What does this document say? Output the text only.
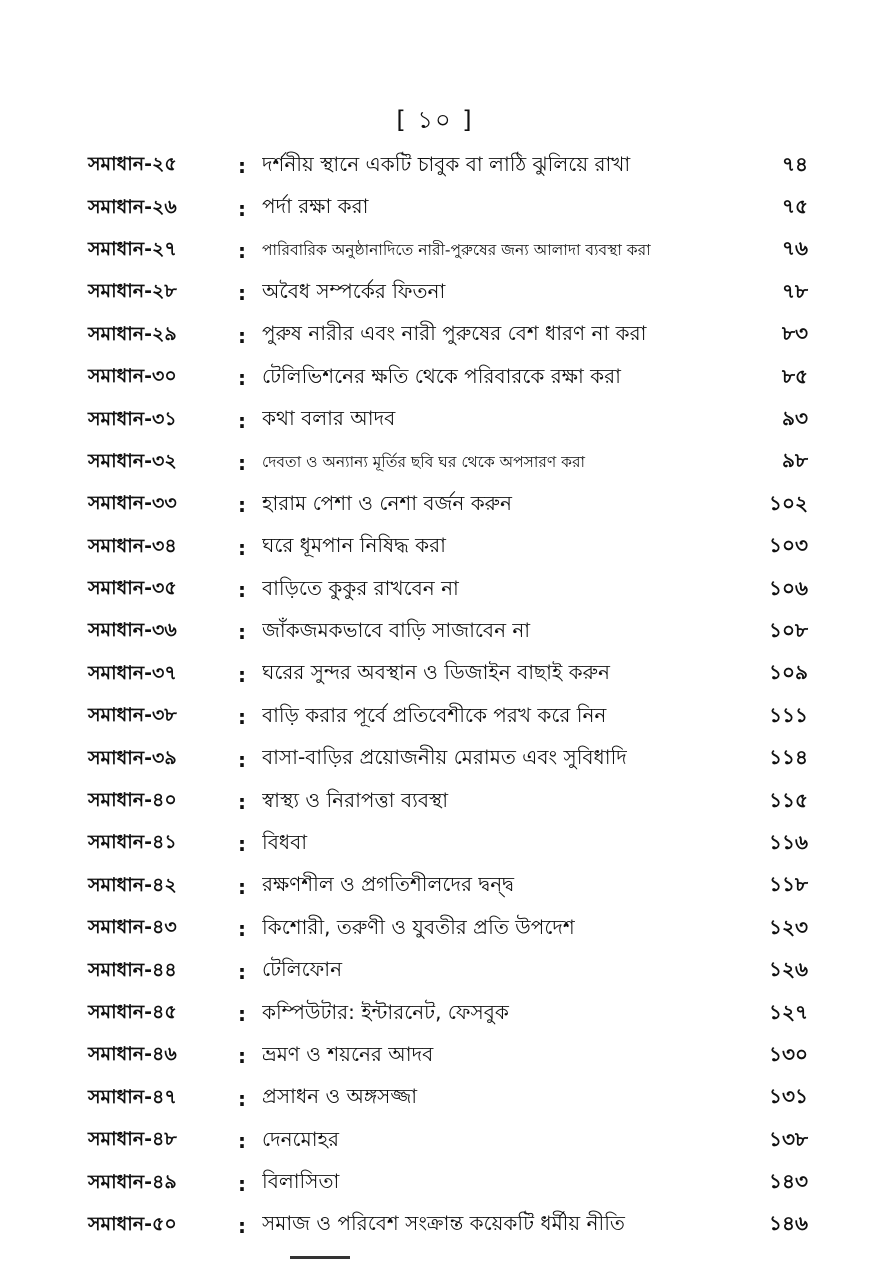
[ ১০ ]
সমাধান-২৫	: দর্শনীয় স্থানে একটি চাবুক বা লাঠি ঝুলিয়ে রাখা	৭৪
সমাধান-২৬	: পর্দা রক্ষা করা	৭৫
সমাধান-২৭	:	পারিবারিক অনুষ্ঠানাদিতে নারী-পুরুষের জন্য আলাদা ব্যবস্থা করা	৭৬
সমাধান-২৮	: অবৈধ সম্পর্কের ফিতনা	৭৮
সমাধান-২৯	: পুরুষ নারীর এবং নারী পুরুষের বেশ ধারণ না করা	৮৩
সমাধান-৩০	: টেলিভিশনের ক্ষতি থেকে পরিবারকে রক্ষা করা	৮৫
সমাধান-৩১	: কথা বলার আদব	৯৩
সমাধান-৩২	:	দেবতা ও অন্যান্য মূর্তির ছবি ঘর থেকে অপসারণ করা	৯৮
সমাধান-৩৩	: হারাম পেশা ও নেশা বর্জন করুন	১০২
সমাধান-৩৪	: ঘরে ধূমপান নিষিদ্ধ করা	১০৩
সমাধান-৩৫	: বাড়িতে কুকুর রাখবেন না	১০৬
সমাধান-৩৬	: জাঁকজমকভাবে বাড়ি সাজাবেন না	১০৮
সমাধান-৩৭	: ঘরের সুন্দর অবস্থান ও ডিজাইন বাছাই করুন	১০৯
সমাধান-৩৮	: বাড়ি করার পূর্বে প্রতিবেশীকে পরখ করে নিন	১১১
সমাধান-৩৯	: বাসা-বাড়ির প্রয়োজনীয় মেরামত এবং সুবিধাদি	১১৪
সমাধান-৪০	: স্বাস্থ্য ও নিরাপত্তা ব্যবস্থা	১১৫
সমাধান-৪১	: বিধবা	১১৬
সমাধান-৪২	: রক্ষণশীল ও প্রগতিশীলদের দ্বন্দ্ব	১১৮
সমাধান-৪৩	: কিশোরী, তরুণী ও যুবতীর প্রতি উপদেশ	১২৩
সমাধান-৪৪	: টেলিফোন	১২৬
সমাধান-৪৫	: কম্পিউটার: ইন্টারনেট, ফেসবুক	১২৭
সমাধান-৪৬	: ভ্রমণ ও শয়নের আদব	১৩০
সমাধান-৪৭	: প্রসাধন ও অঙ্গসজ্জা	১৩১
সমাধান-৪৮	: দেনমোহর	১৩৮
সমাধান-৪৯	: বিলাসিতা	১৪৩
সমাধান-৫০	: সমাজ ও পরিবেশ সংক্রান্ত কয়েকটি ধর্মীয় নীতি	১৪৬
